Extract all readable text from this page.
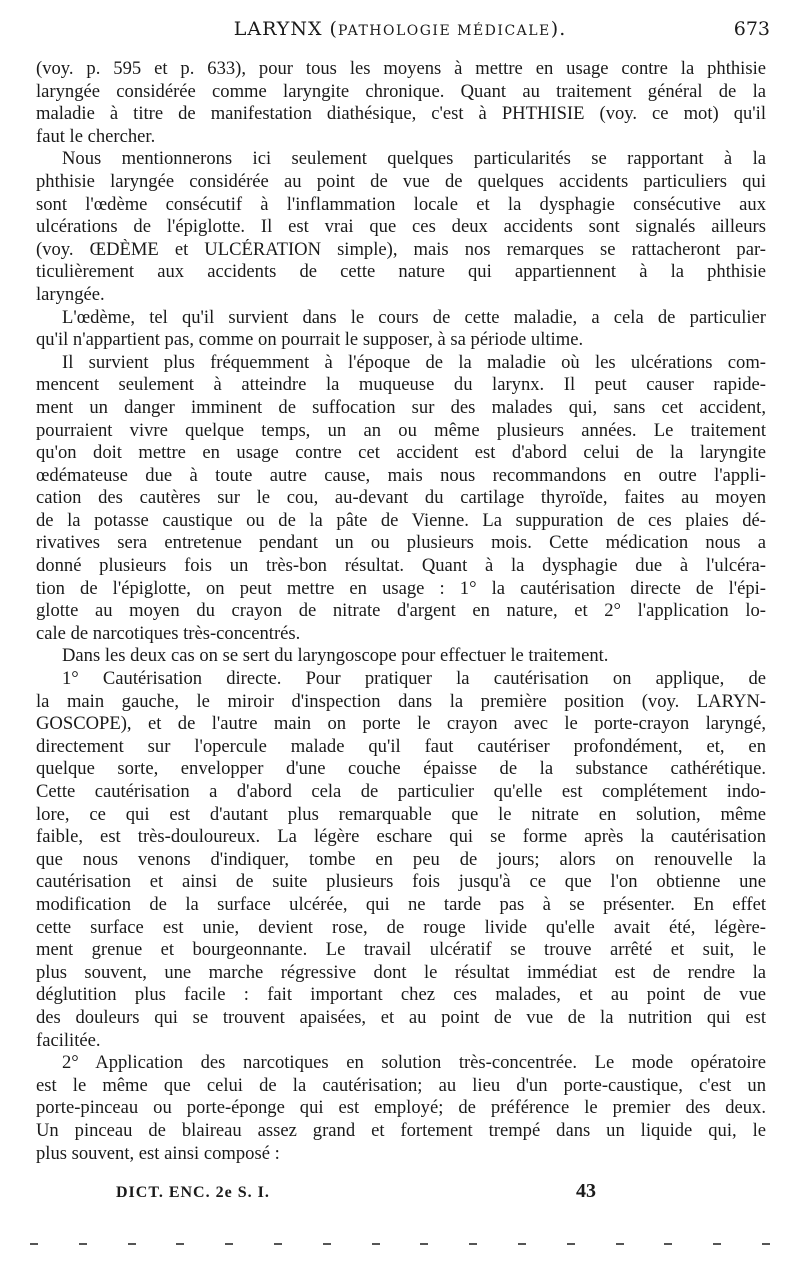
LARYNX (PATHOLOGIE MÉDICALE).	673
(voy. p. 595 et p. 633), pour tous les moyens à mettre en usage contre la phthisie
laryngée considérée comme laryngite chronique. Quant au traitement général de la
maladie à titre de manifestation diathésique, c'est à PHTHISIE (voy. ce mot) qu'il
faut le chercher.
Nous mentionnerons ici seulement quelques particularités se rapportant à la
phthisie laryngée considérée au point de vue de quelques accidents particuliers qui
sont l'œdème consécutif à l'inflammation locale et la dysphagie consécutive aux
ulcérations de l'épiglotte. Il est vrai que ces deux accidents sont signalés ailleurs
(voy. ŒDÈME et ULCÉRATION simple), mais nos remarques se rattacheront par-
ticulièrement aux accidents de cette nature qui appartiennent à la phthisie
laryngée.
L'œdème, tel qu'il survient dans le cours de cette maladie, a cela de particulier
qu'il n'appartient pas, comme on pourrait le supposer, à sa période ultime.
Il survient plus fréquemment à l'époque de la maladie où les ulcérations com-
mencent seulement à atteindre la muqueuse du larynx. Il peut causer rapide-
ment un danger imminent de suffocation sur des malades qui, sans cet accident,
pourraient vivre quelque temps, un an ou même plusieurs années. Le traitement
qu'on doit mettre en usage contre cet accident est d'abord celui de la laryngite
œdémateuse due à toute autre cause, mais nous recommandons en outre l'appli-
cation des cautères sur le cou, au-devant du cartilage thyroïde, faites au moyen
de la potasse caustique ou de la pâte de Vienne. La suppuration de ces plaies dé-
rivatives sera entretenue pendant un ou plusieurs mois. Cette médication nous a
donné plusieurs fois un très-bon résultat. Quant à la dysphagie due à l'ulcéra-
tion de l'épiglotte, on peut mettre en usage : 1° la cautérisation directe de l'épi-
glotte au moyen du crayon de nitrate d'argent en nature, et 2° l'application lo-
cale de narcotiques très-concentrés.
Dans les deux cas on se sert du laryngoscope pour effectuer le traitement.
1° Cautérisation directe. Pour pratiquer la cautérisation on applique, de
la main gauche, le miroir d'inspection dans la première position (voy. LARYN-
GOSCOPE), et de l'autre main on porte le crayon avec le porte-crayon laryngé,
directement sur l'opercule malade qu'il faut cautériser profondément, et, en
quelque sorte, envelopper d'une couche épaisse de la substance cathérétique.
Cette cautérisation a d'abord cela de particulier qu'elle est complétement indo-
lore, ce qui est d'autant plus remarquable que le nitrate en solution, même
faible, est très-douloureux. La légère eschare qui se forme après la cautérisation
que nous venons d'indiquer, tombe en peu de jours; alors on renouvelle la
cautérisation et ainsi de suite plusieurs fois jusqu'à ce que l'on obtienne une
modification de la surface ulcérée, qui ne tarde pas à se présenter. En effet
cette surface est unie, devient rose, de rouge livide qu'elle avait été, légère-
ment grenue et bourgeonnante. Le travail ulcératif se trouve arrêté et suit, le
plus souvent, une marche régressive dont le résultat immédiat est de rendre la
déglutition plus facile : fait important chez ces malades, et au point de vue
des douleurs qui se trouvent apaisées, et au point de vue de la nutrition qui est
facilitée.
2° Application des narcotiques en solution très-concentrée. Le mode opératoire
est le même que celui de la cautérisation; au lieu d'un porte-caustique, c'est un
porte-pinceau ou porte-éponge qui est employé; de préférence le premier des deux.
Un pinceau de blaireau assez grand et fortement trempé dans un liquide qui, le
plus souvent, est ainsi composé :
DICT. ENC. 2e S. I.	43
